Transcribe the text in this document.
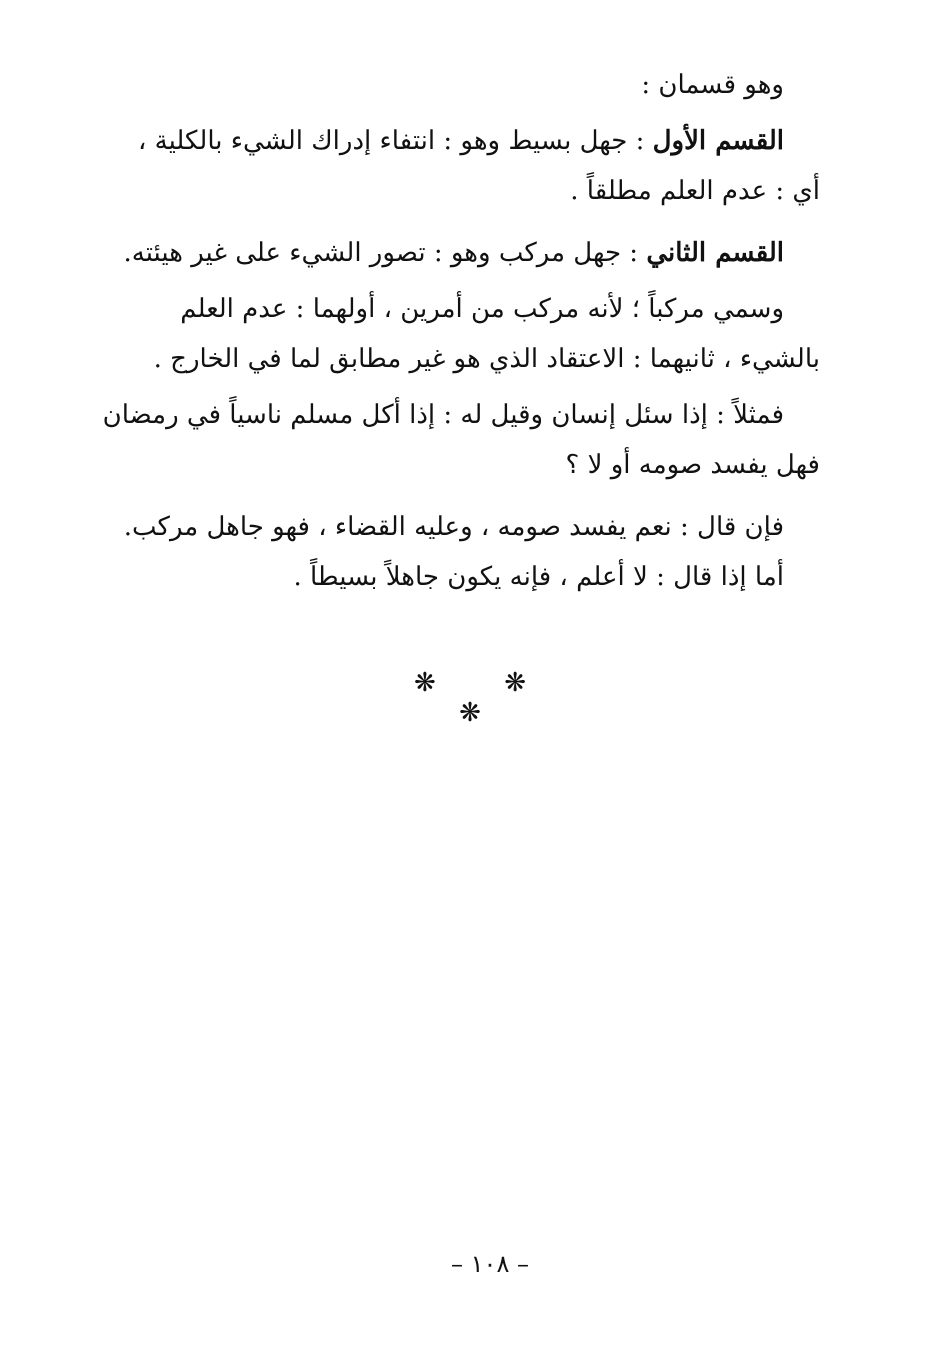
وهو قسمان :
القسم الأول : جهل بسيط وهو : انتفاء إدراك الشيء بالكلية ،
أي : عدم العلم مطلقاً .
القسم الثاني : جهل مركب وهو : تصور الشيء على غير هيئته.
وسمي مركباً ؛ لأنه مركب من أمرين ، أولهما : عدم العلم
بالشيء ، ثانيهما : الاعتقاد الذي هو غير مطابق لما في الخارج .
فمثلاً : إذا سئل إنسان وقيل له : إذا أكل مسلم ناسياً في رمضان
فهل يفسد صومه أو لا ؟
فإن قال : نعم يفسد صومه ، وعليه القضاء ، فهو جاهل مركب.
أما إذا قال : لا أعلم ، فإنه يكون جاهلاً بسيطاً .
❋	❋ ❋
– ١٠٨ –
